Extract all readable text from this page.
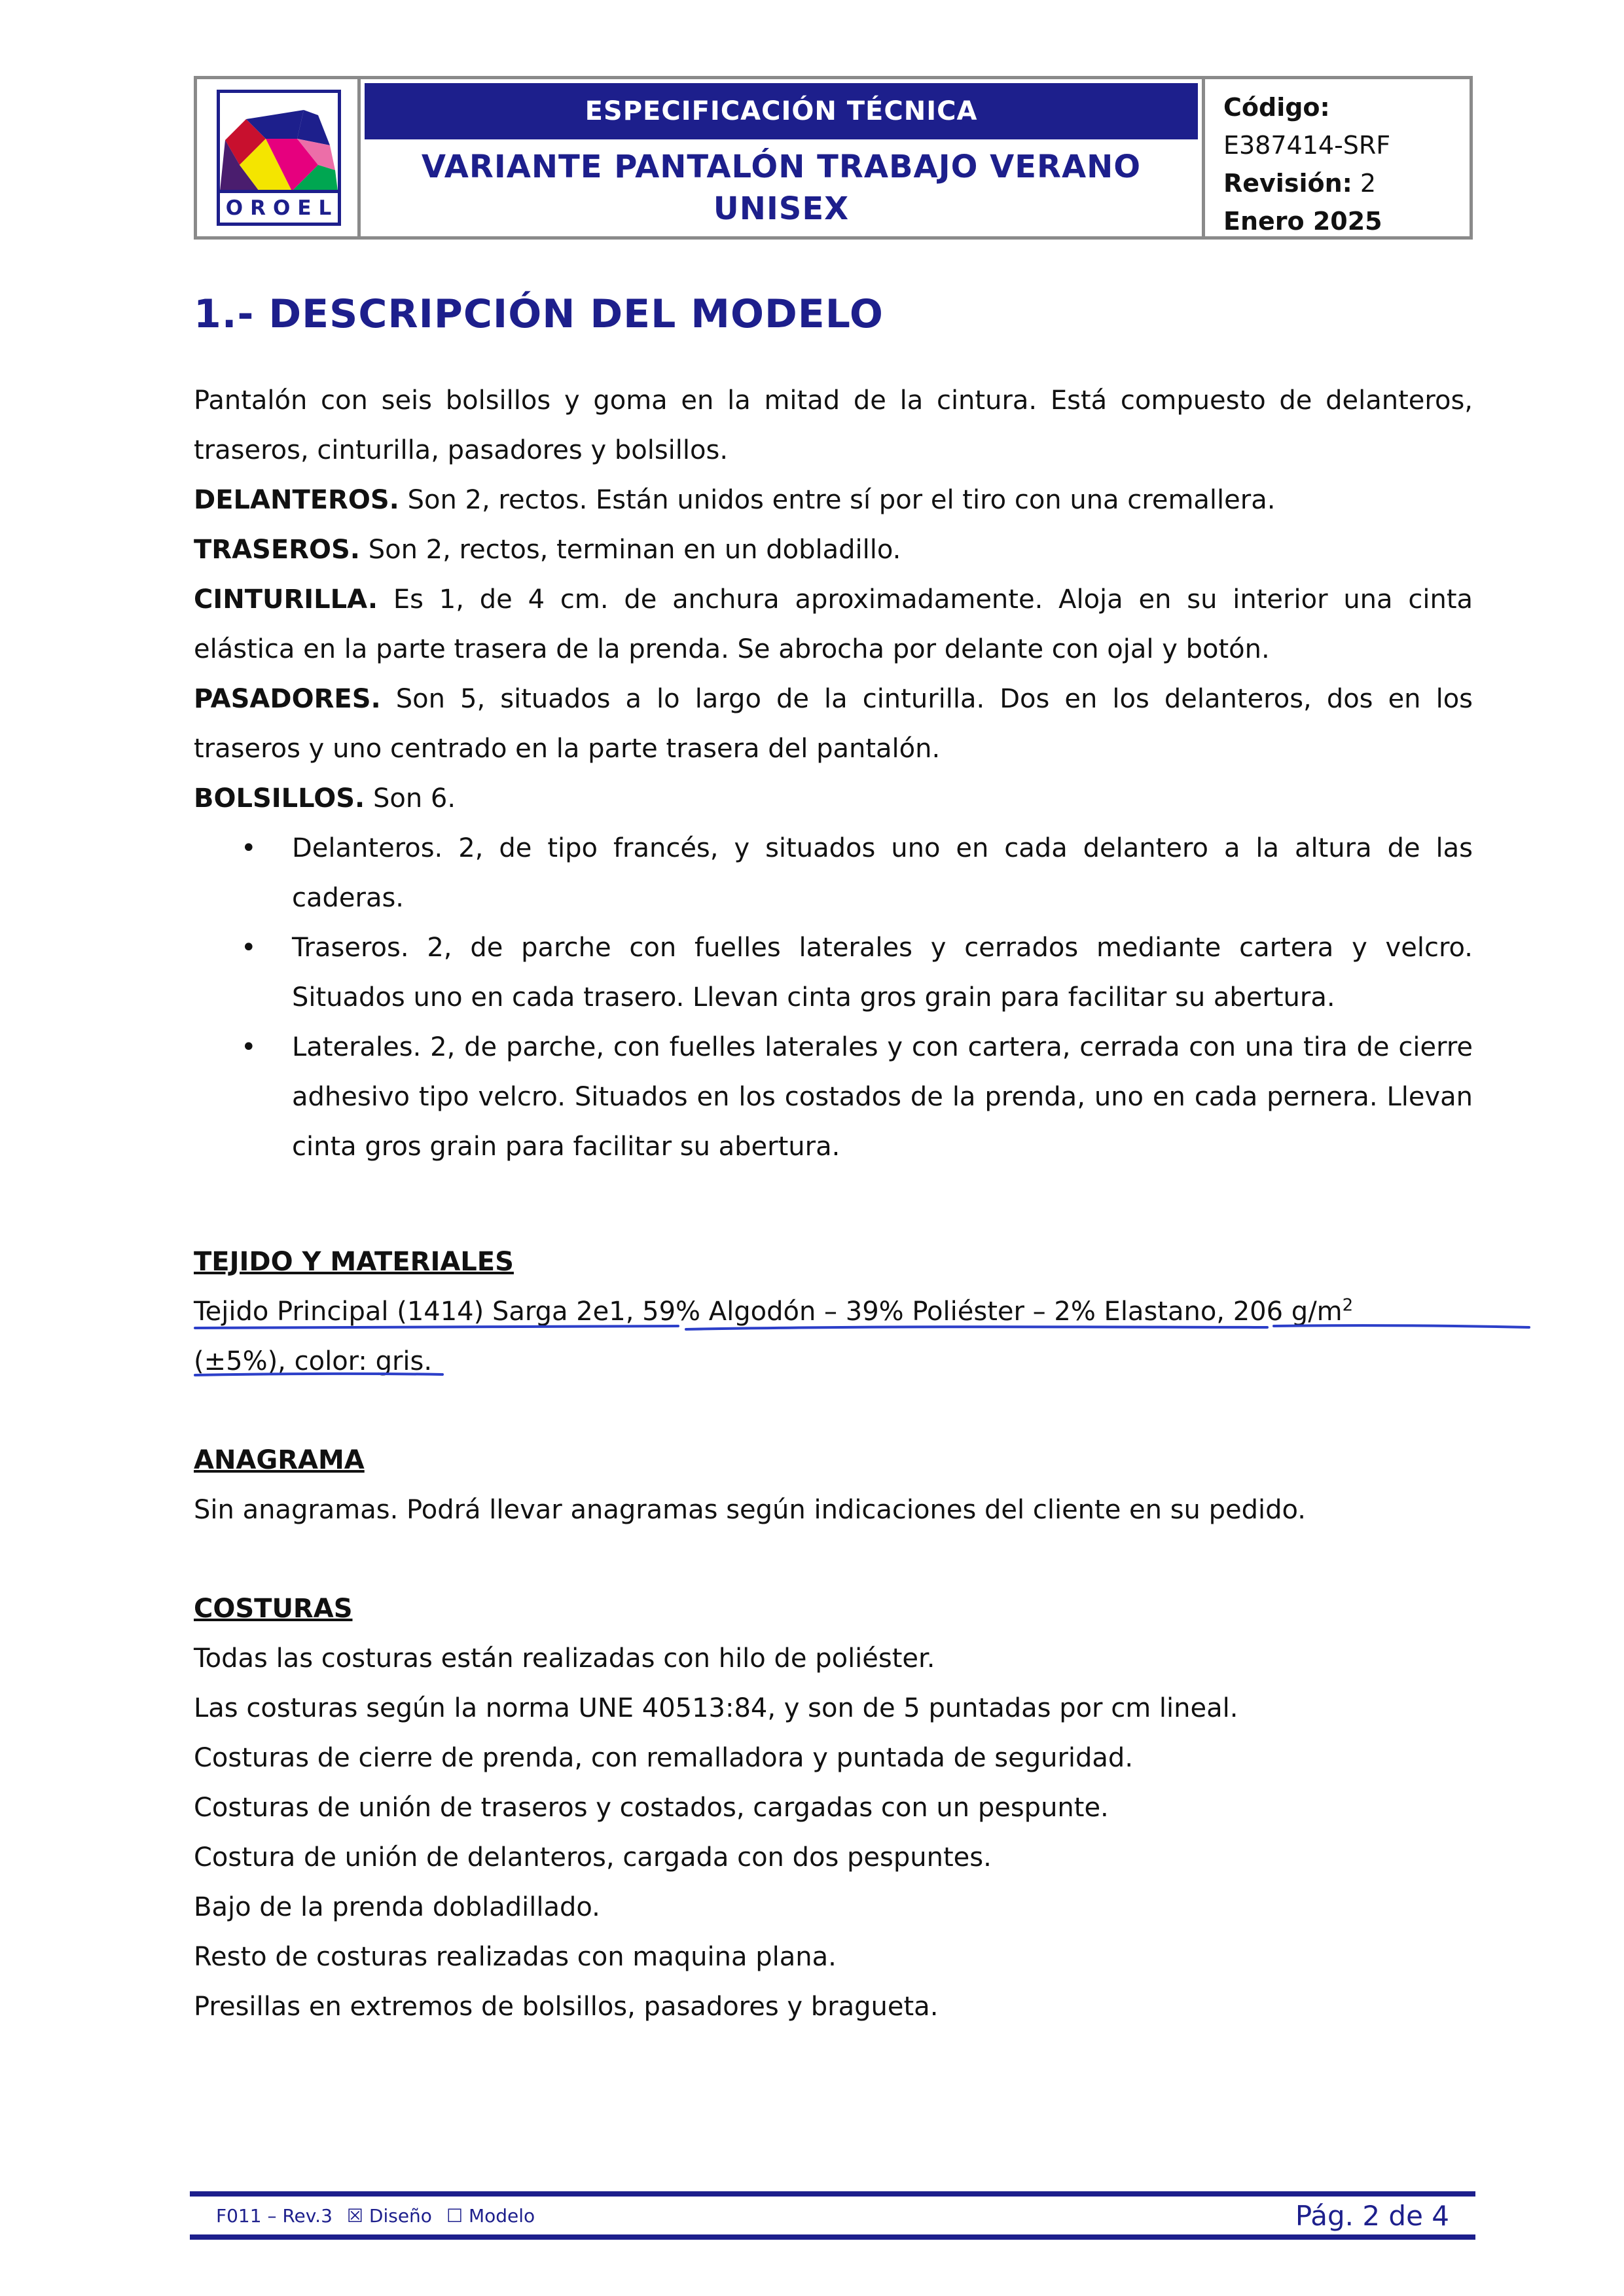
OROEL
ESPECIFICACIÓN TÉCNICA
VARIANTE PANTALÓN TRABAJO VERANO
UNISEX
Código:
E387414-SRF
Revisión: 2
Enero 2025
1.- DESCRIPCIÓN DEL MODELO

Pantalón con seis bolsillos y goma en la mitad de la cintura. Está compuesto de delanteros, traseros, cinturilla, pasadores y bolsillos.

DELANTEROS. Son 2, rectos. Están unidos entre sí por el tiro con una cremallera.

TRASEROS. Son 2, rectos, terminan en un dobladillo.

CINTURILLA. Es 1, de 4 cm. de anchura aproximadamente. Aloja en su interior una cinta elástica en la parte trasera de la prenda. Se abrocha por delante con ojal y botón.

PASADORES. Son 5, situados a lo largo de la cinturilla. Dos en los delanteros, dos en los traseros y uno centrado en la parte trasera del pantalón.

BOLSILLOS. Son 6.

• Delanteros. 2, de tipo francés, y situados uno en cada delantero a la altura de las caderas.
• Traseros. 2, de parche con fuelles laterales y cerrados mediante cartera y velcro. Situados uno en cada trasero. Llevan cinta gros grain para facilitar su abertura.
• Laterales. 2, de parche, con fuelles laterales y con cartera, cerrada con una tira de cierre adhesivo tipo velcro. Situados en los costados de la prenda, uno en cada pernera. Llevan cinta gros grain para facilitar su abertura.
TEJIDO Y MATERIALES

Tejido Principal (1414) Sarga 2e1, 59% Algodón – 39% Poliéster – 2% Elastano, 206 $g/m^2$

(±5%), color: gris.

ANAGRAMA

Sin anagramas. Podrá llevar anagramas según indicaciones del cliente en su pedido.

COSTURAS

Todas las costuras están realizadas con hilo de poliéster.

Las costuras según la norma UNE 40513:84, y son de 5 puntadas por cm lineal.

Costuras de cierre de prenda, con remalladora y puntada de seguridad.

Costuras de unión de traseros y costados, cargadas con un pespunte.

Costura de unión de delanteros, cargada con dos pespuntes.

Bajo de la prenda dobladillado.

Resto de costuras realizadas con maquina plana.

Presillas en extremos de bolsillos, pasadores y bragueta.

F011 – Rev.3 ☒ Diseño ☐ Modelo	Pág. 2 de 4
